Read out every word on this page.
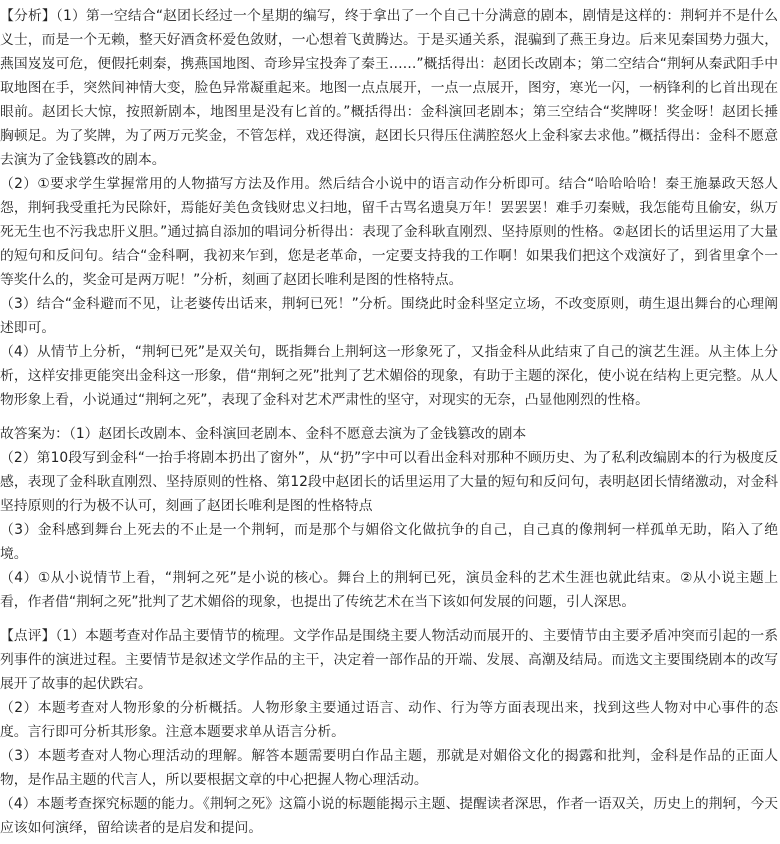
【分析】（1）第一空结合“赵团长经过一个星期的编写，终于拿出了一个自己十分满意的剧本，剧情是这样的：荆轲并不是什么义士，而是一个无赖，整天好酒贪杯爱色敛财，一心想着飞黄腾达。于是买通关系，混骗到了燕王身边。后来见秦国势力强大，燕国岌岌可危，便假托刺秦，携燕国地图、奇珍异宝投奔了秦王……”概括得出：赵团长改剧本；第二空结合“荆轲从秦武阳手中取地图在手，突然间神情大变，脸色异常凝重起来。地图一点点展开，一点一点展开，图穷，寒光一闪，一柄锋利的匕首出现在眼前。赵团长大惊，按照新剧本，地图里是没有匕首的。”概括得出：金科演回老剧本；第三空结合“奖牌呀！奖金呀！赵团长捶胸顿足。为了奖牌，为了两万元奖金，不管怎样，戏还得演，赵团长只得压住满腔怒火上金科家去求他。”概括得出：金科不愿意去演为了金钱篡改的剧本。

（2）①要求学生掌握常用的人物描写方法及作用。然后结合小说中的语言动作分析即可。结合“哈哈哈哈！秦王施暴政天怒人怨，荆轲我受重托为民除奸，焉能好美色贪钱财忠义扫地，留千古骂名遗臭万年！罢罢罢！难手刃秦贼，我怎能苟且偷安，纵万死无生也不污我忠肝义胆。”通过搞自添加的唱词分析得出：表现了金科耿直刚烈、坚持原则的性格。②赵团长的话里运用了大量的短句和反问句。结合“金科啊，我初来乍到，您是老革命，一定要支持我的工作啊！如果我们把这个戏演好了，到省里拿个一等奖什么的，奖金可是两万呢！”分析，刻画了赵团长唯利是图的性格特点。

（3）结合“金科避而不见，让老婆传出话来，荆轲已死！”分析。围绕此时金科坚定立场，不改变原则，萌生退出舞台的心理阐述即可。

（4）从情节上分析，“荆轲已死”是双关句，既指舞台上荆轲这一形象死了，又指金科从此结束了自己的演艺生涯。从主体上分析，这样安排更能突出金科这一形象，借“荆轲之死”批判了艺术媚俗的现象，有助于主题的深化，使小说在结构上更完整。从人物形象上看，小说通过“荆轲之死”，表现了金科对艺术严肃性的坚守，对现实的无奈，凸显他刚烈的性格。

故答案为：（1）赵团长改剧本、金科演回老剧本、金科不愿意去演为了金钱篡改的剧本

（2）第10段写到金科“一抬手将剧本扔出了窗外”，从“扔”字中可以看出金科对那种不顾历史、为了私利改编剧本的行为极度反感，表现了金科耿直刚烈、坚持原则的性格、第12段中赵团长的话里运用了大量的短句和反问句，表明赵团长情绪激动，对金科坚持原则的行为极不认可，刻画了赵团长唯利是图的性格特点

（3）金科感到舞台上死去的不止是一个荆轲，而是那个与媚俗文化做抗争的自己，自己真的像荆轲一样孤单无助，陷入了绝境。

（4）①从小说情节上看，“荆轲之死”是小说的核心。舞台上的荆轲已死，演员金科的艺术生涯也就此结束。②从小说主题上看，作者借“荆轲之死”批判了艺术媚俗的现象，也提出了传统艺术在当下该如何发展的问题，引人深思。

【点评】（1）本题考查对作品主要情节的梳理。文学作品是围绕主要人物活动而展开的、主要情节由主要矛盾冲突而引起的一系列事件的演进过程。主要情节是叙述文学作品的主干，决定着一部作品的开端、发展、高潮及结局。而选文主要围绕剧本的改写展开了故事的起伏跌宕。

（2）本题考查对人物形象的分析概括。人物形象主要通过语言、动作、行为等方面表现出来，找到这些人物对中心事件的态度。言行即可分析其形象。注意本题要求单从语言分析。

（3）本题考查对人物心理活动的理解。解答本题需要明白作品主题，那就是对媚俗文化的揭露和批判，金科是作品的正面人物，是作品主题的代言人，所以要根据文章的中心把握人物心理活动。

（4）本题考查探究标题的能力。《荆轲之死》这篇小说的标题能揭示主题、提醒读者深思，作者一语双关，历史上的荆轲，今天应该如何演绎，留给读者的是启发和提问。
